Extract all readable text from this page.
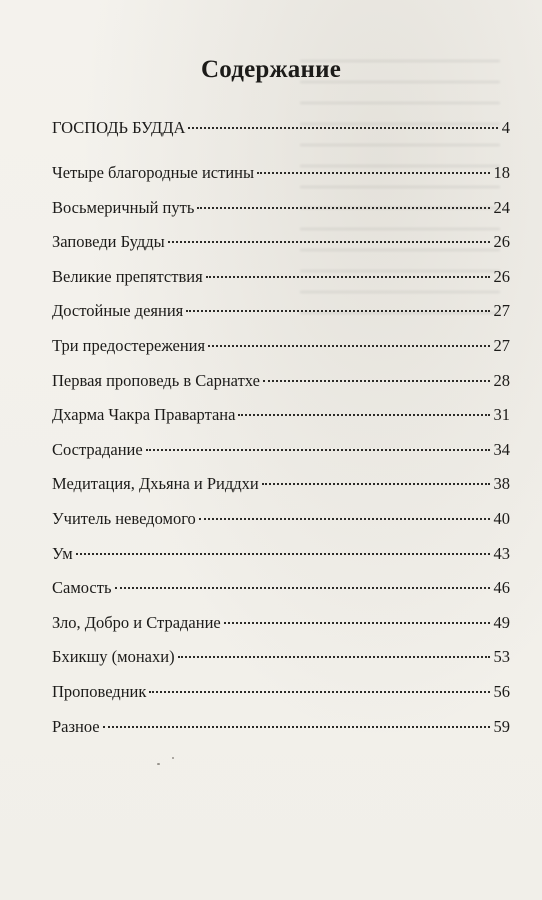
Содержание
ГОСПОДЬ БУДДА	4
Четыре благородные истины	18
Восьмеричный путь	24
Заповеди Будды	26
Великие препятствия	26
Достойные деяния	27
Три предостережения	27
Первая проповедь в Сарнатхе	28
Дхарма Чакра Правартана	31
Сострадание	34
Медитация, Дхьяна и Риддхи	38
Учитель неведомого	40
Ум	43
Самость	46
Зло, Добро и Страдание	49
Бхикшу (монахи)	53
Проповедник	56
Разное	59
